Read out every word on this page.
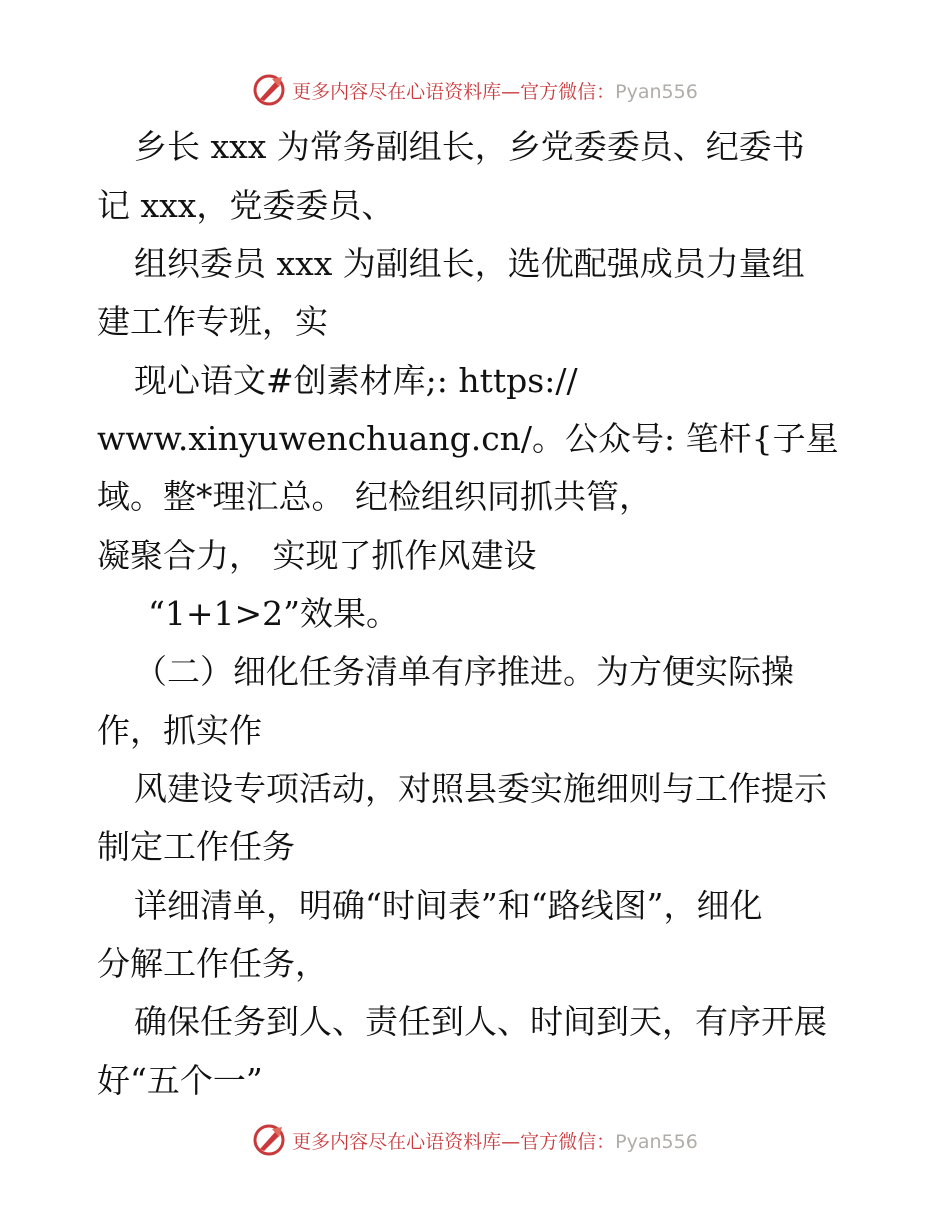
更多内容尽在心语资料库—官方微信：Pyan556
乡长 xxx 为常务副组长，乡党委委员、纪委书
记 xxx，党委委员、
组织委员 xxx 为副组长，选优配强成员力量组
建工作专班，实
现心语文#创素材库;: https://
www.xinyuwenchuang.cn/。公众号: 笔杆{子星
域。整*理汇总。 纪检组织同抓共管，
凝聚合力， 实现了抓作风建设
“1+1>2”效果。
（二）细化任务清单有序推进。为方便实际操
作，抓实作
风建设专项活动，对照县委实施细则与工作提示
制定工作任务
详细清单，明确“时间表”和“路线图”，细化
分解工作任务，
确保任务到人、责任到人、时间到天，有序开展
好“五个一”
更多内容尽在心语资料库—官方微信：Pyan556
